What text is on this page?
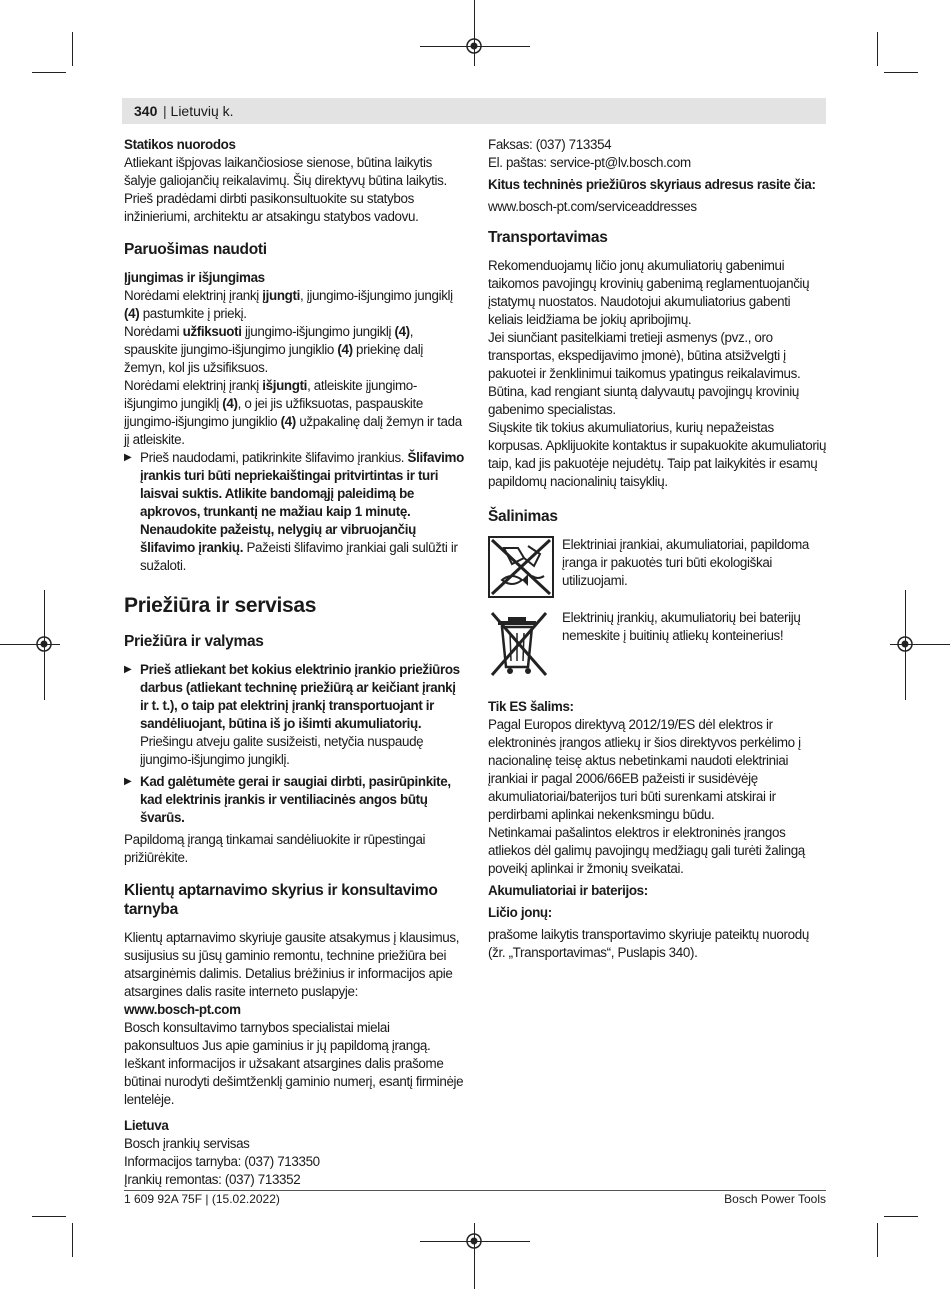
340
| Lietuvių k.
Statikos nuorodos

Atliekant išpjovas laikančiosiose sienose, būtina laikytis šalyje galiojančių reikalavimų. Šių direktyvų būtina laikytis. Prieš pradėdami dirbti pasikonsultuokite su statybos inžinieriumi, architektu ar atsakingu statybos vadovu.

Paruošimas naudoti
Įjungimas ir išjungimas

Norėdami elektrinį įrankį įjungti, įjungimo-išjungimo jungiklį (4) pastumkite į priekį.

Norėdami užfiksuoti įjungimo-išjungimo jungiklį (4), spauskite įjungimo-išjungimo jungiklio (4) priekinę dalį žemyn, kol jis užsifiksuos.

Norėdami elektrinį įrankį išjungti, atleiskite įjungimo-išjungimo jungiklį (4), o jei jis užfiksuotas, paspauskite įjungimo-išjungimo jungiklio (4) užpakalinę dalį žemyn ir tada jį atleiskite.

▶ Prieš naudodami, patikrinkite šlifavimo įrankius. Šlifavimo įrankis turi būti nepriekaištingai pritvirtintas ir turi laisvai suktis. Atlikite bandomąjį paleidimą be apkrovos, trunkantį ne mažiau kaip 1 minutę. Nenaudokite pažeistų, nelygių ar vibruojančių šlifavimo įrankių. Pažeisti šlifavimo įrankiai gali sulūžti ir sužaloti.

Priežiūra ir servisas
Priežiūra ir valymas

▶ Prieš atliekant bet kokius elektrinio įrankio priežiūros darbus (atliekant techninę priežiūrą ar keičiant įrankį ir t. t.), o taip pat elektrinį įrankį transportuojant ir sandėliuojant, būtina iš jo išimti akumuliatorių. Priešingu atveju galite susižeisti, netyčia nuspaudę įjungimo-išjungimo jungiklį.

▶ Kad galėtumėte gerai ir saugiai dirbti, pasirūpinkite, kad elektrinis įrankis ir ventiliacinės angos būtų švarūs.

Papildomą įrangą tinkamai sandėliuokite ir rūpestingai prižiūrėkite.

Klientų aptarnavimo skyrius ir konsultavimo tarnyba

Klientų aptarnavimo skyriuje gausite atsakymus į klausimus, susijusius su jūsų gaminio remontu, technine priežiūra bei atsarginėmis dalimis. Detalius brėžinius ir informacijos apie atsargines dalis rasite interneto puslapyje:

www.bosch-pt.com

Bosch konsultavimo tarnybos specialistai mielai pakonsultuos Jus apie gaminius ir jų papildomą įrangą.

Ieškant informacijos ir užsakant atsargines dalis prašome būtinai nurodyti dešimtženklį gaminio numerį, esantį firminėje lentelėje.

Lietuva

Bosch įrankių servisas

Informacijos tarnyba: (037) 713350

Įrankių remontas: (037) 713352

Faksas: (037) 713354

El. paštas: service-pt@lv.bosch.com

Kitus techninės priežiūros skyriaus adresus rasite čia:

www.bosch-pt.com/serviceaddresses

Transportavimas

Rekomenduojamų ličio jonų akumuliatorių gabenimui taikomos pavojingų krovinių gabenimą reglamentuojančių įstatymų nuostatos. Naudotojui akumuliatorius gabenti keliais leidžiama be jokių apribojimų.

Jei siunčiant pasitelkiami tretieji asmenys (pvz., oro transportas, ekspedijavimo įmonė), būtina atsižvelgti į pakuotei ir ženklinimui taikomus ypatingus reikalavimus. Būtina, kad rengiant siuntą dalyvautų pavojingų krovinių gabenimo specialistas.

Siųskite tik tokius akumuliatorius, kurių nepažeistas korpusas. Apklijuokite kontaktus ir supakuokite akumuliatorių taip, kad jis pakuotėje nejudėtų. Taip pat laikykitės ir esamų papildomų nacionalinių taisyklių.

Šalinimas

Elektriniai įrankiai, akumuliatoriai, papildoma įranga ir pakuotės turi būti ekologiškai utilizuojami.

Elektrinių įrankių, akumuliatorių bei baterijų nemeskite į buitinių atliekų konteinerius!

Tik ES šalims:

Pagal Europos direktyvą 2012/19/ES dėl elektros ir elektroninės įrangos atliekų ir šios direktyvos perkėlimo į nacionalinę teisę aktus nebetinkami naudoti elektriniai įrankiai ir pagal 2006/66EB pažeisti ir susidėvėję akumuliatoriai/baterijos turi būti surenkami atskirai ir perdirbami aplinkai nekenksmingu būdu.

Netinkamai pašalintos elektros ir elektroninės įrangos atliekos dėl galimų pavojingų medžiagų gali turėti žalingą poveikį aplinkai ir žmonių sveikatai.

Akumuliatoriai ir baterijos:
Ličio jonų:

prašome laikytis transportavimo skyriuje pateiktų nuorodų (žr. „Transportavimas“, Puslapis 340).

1 609 92A 75F | (15.02.2022)	Bosch Power Tools
